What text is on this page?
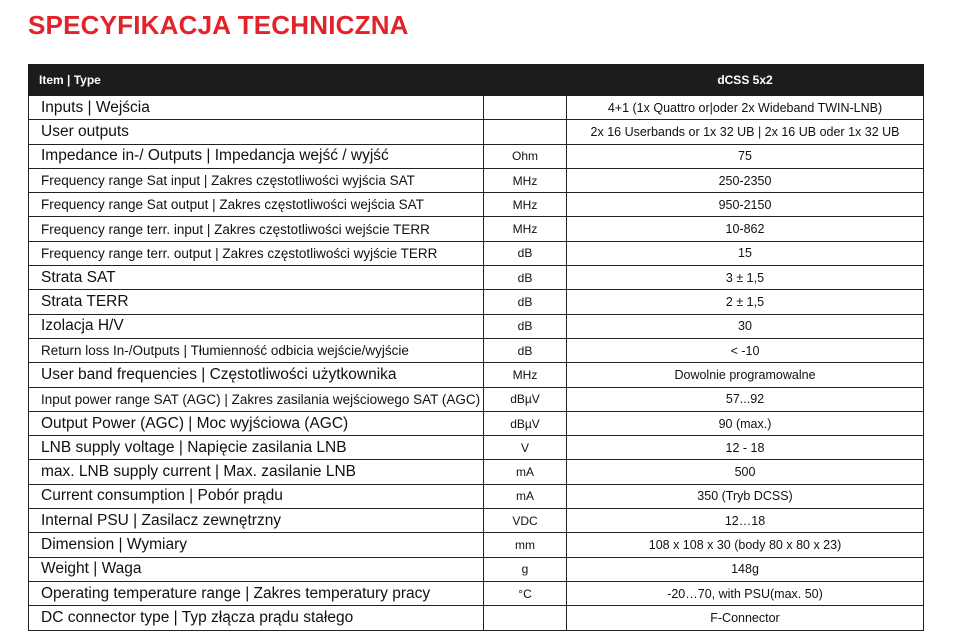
SPECYFIKACJA TECHNICZNA
Item | Type		dCSS 5x2
Inputs | Wejścia		4+1 (1x Quattro or|oder 2x Wideband TWIN-LNB)
User outputs		2x 16 Userbands or 1x 32 UB | 2x 16 UB oder 1x 32 UB
Impedance in-/ Outputs | Impedancja wejść / wyjść	Ohm	75
Frequency range Sat input | Zakres częstotliwości wyjścia SAT	MHz	250-2350
Frequency range Sat output | Zakres częstotliwości wejścia SAT	MHz	950-2150
Frequency range terr. input | Zakres częstotliwości wejście TERR	MHz	10-862
Frequency range terr. output | Zakres częstotliwości wyjście TERR	dB	15
Strata SAT	dB	3 ± 1,5
Strata TERR	dB	2 ± 1,5
Izolacja H/V	dB	30
Return loss In-/Outputs | Tłumienność odbicia wejście/wyjście	dB	< -10
User band frequencies | Częstotliwości użytkownika	MHz	Dowolnie programowalne
Input power range SAT (AGC) | Zakres zasilania wejściowego SAT (AGC)	dBµV	57...92
Output Power (AGC) | Moc wyjściowa (AGC)	dBµV	90 (max.)
LNB supply voltage | Napięcie zasilania LNB	V	12 - 18
max. LNB supply current | Max. zasilanie LNB	mA	500
Current consumption | Pobór prądu	mA	350 (Tryb DCSS)
Internal PSU | Zasilacz zewnętrzny	VDC	12…18
Dimension | Wymiary	mm	108 x 108 x 30 (body 80 x 80 x 23)
Weight | Waga	g	148g
Operating temperature range | Zakres temperatury pracy	°C	-20…70, with PSU(max. 50)
DC connector type | Typ złącza prądu stałego		F-Connector
